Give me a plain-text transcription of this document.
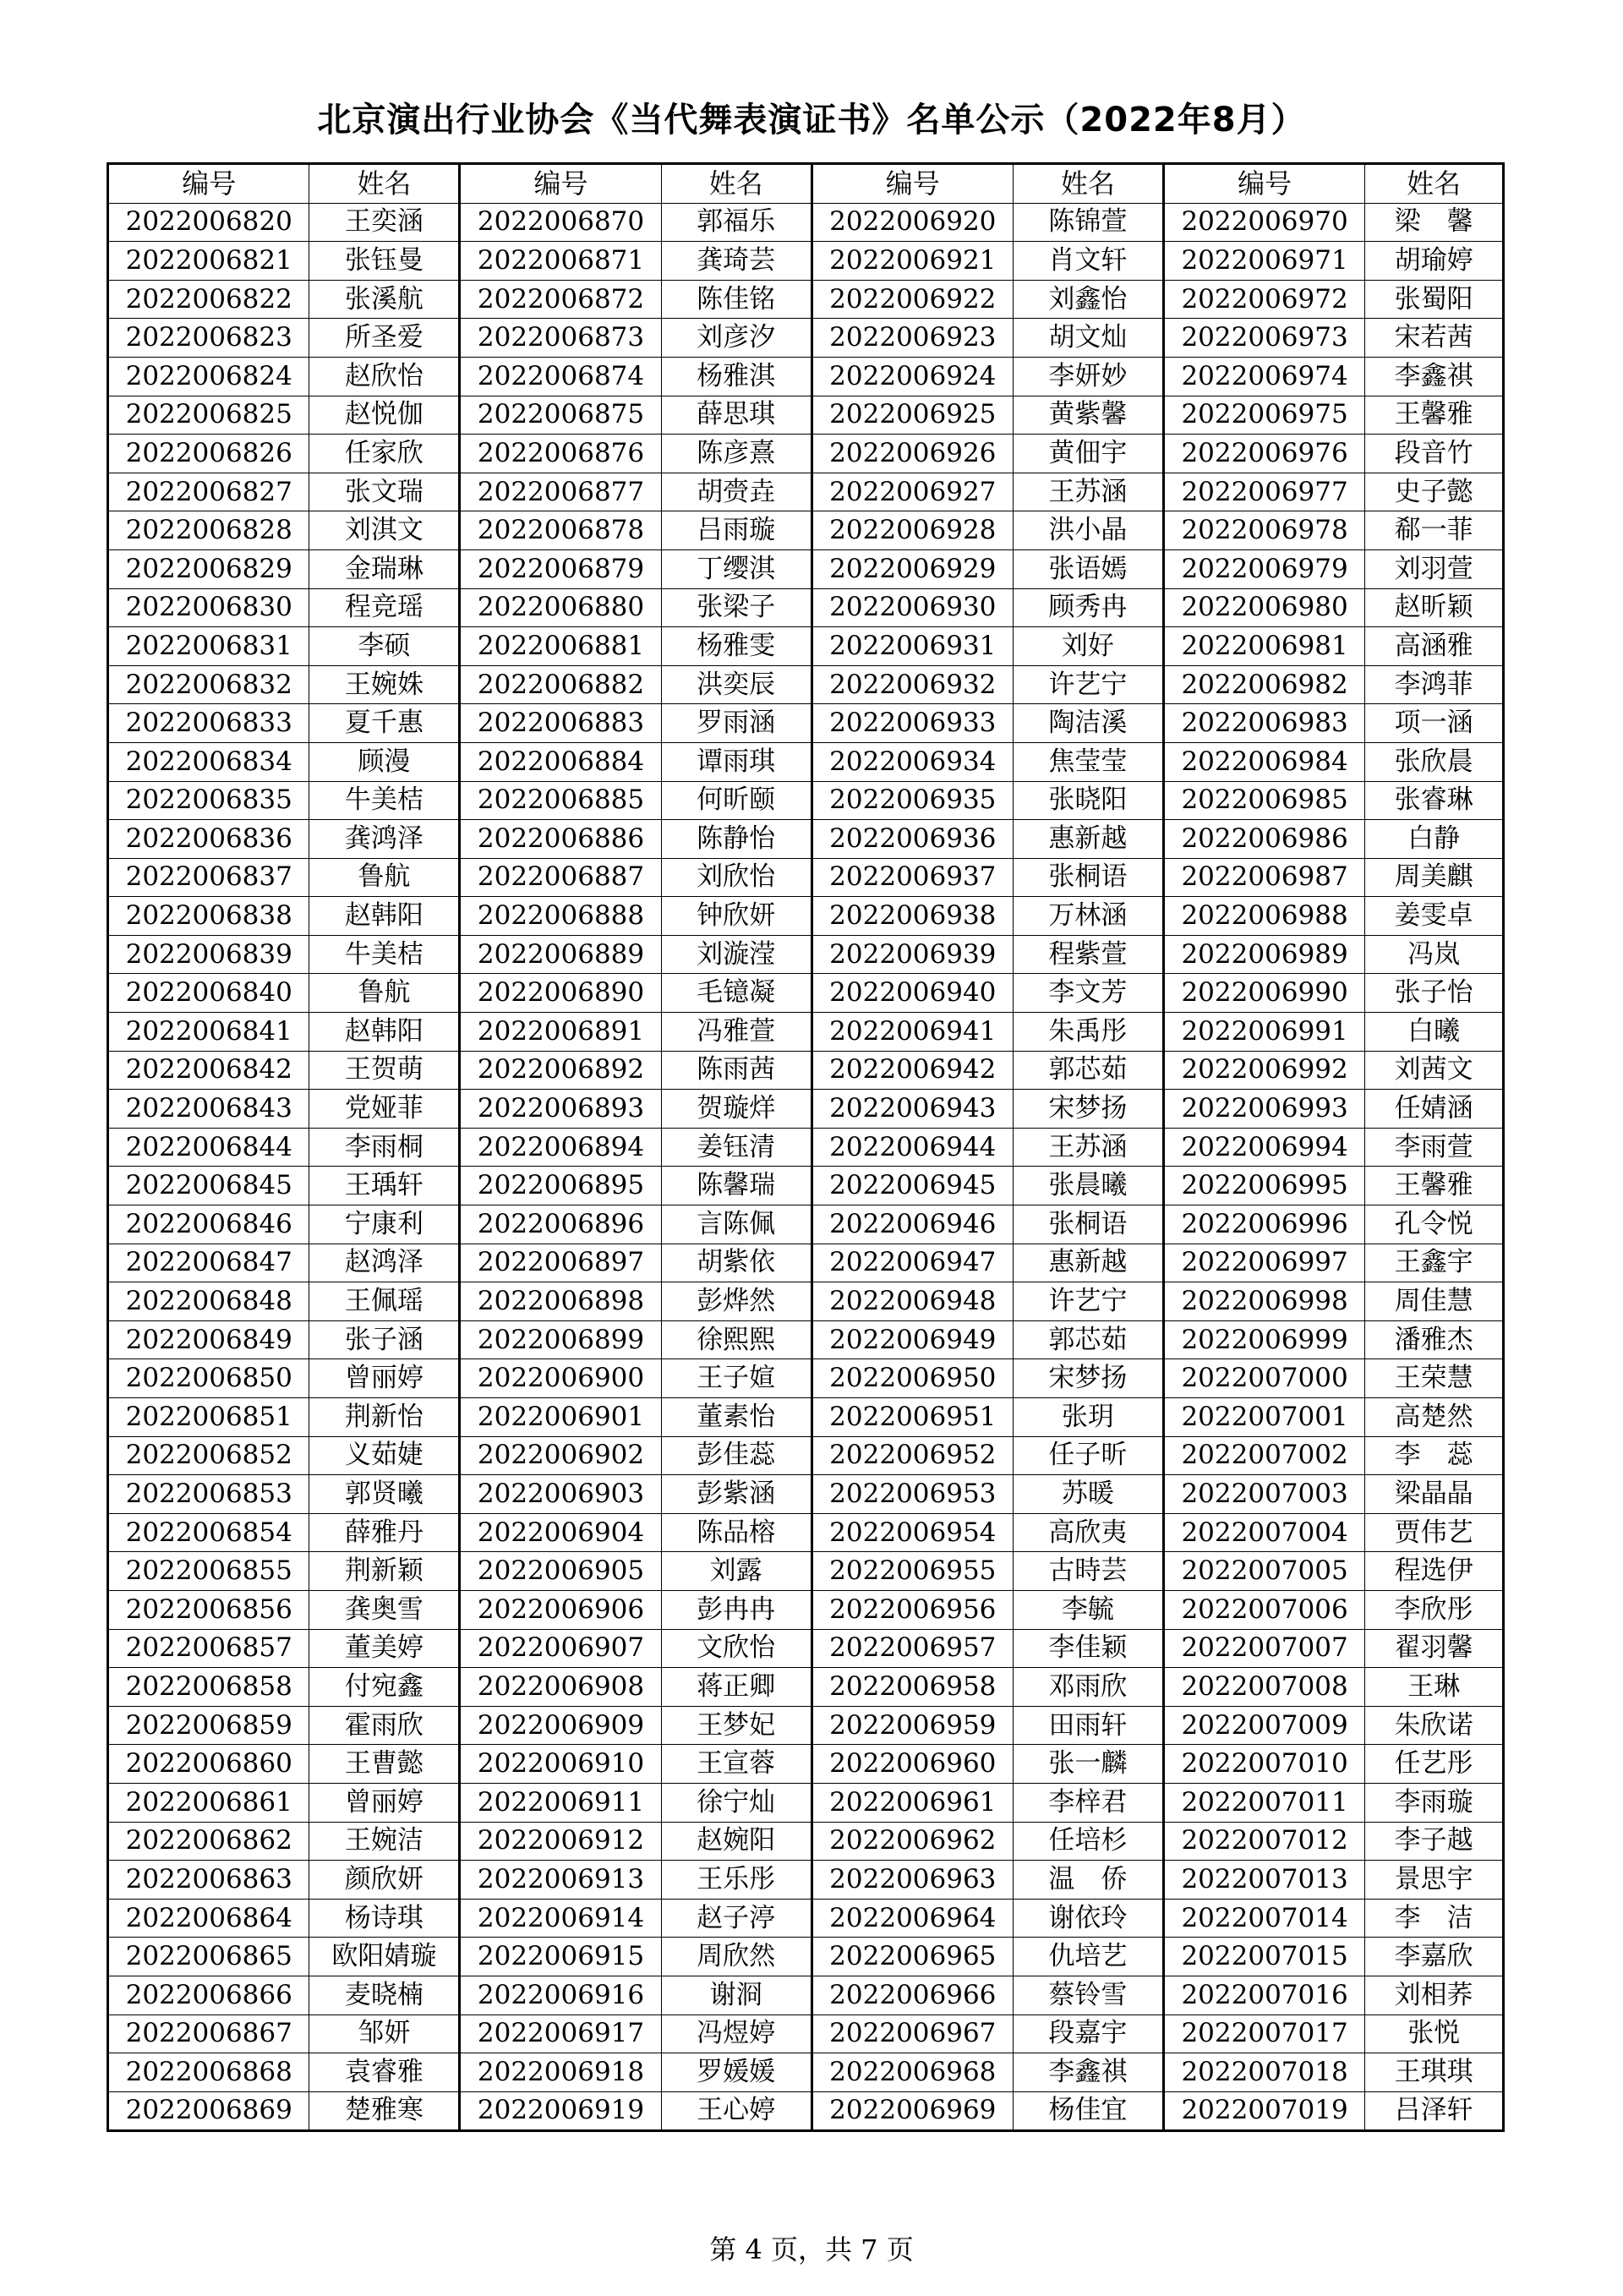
北京演出行业协会《当代舞表演证书》名单公示（2022年8月）
编号	姓名	编号	姓名	编号	姓名	编号	姓名
2022006820	王奕涵	2022006870	郭福乐	2022006920	陈锦萱	2022006970	梁　馨
2022006821	张钰曼	2022006871	龚琦芸	2022006921	肖文轩	2022006971	胡瑜婷
2022006822	张溪航	2022006872	陈佳铭	2022006922	刘鑫怡	2022006972	张蜀阳
2022006823	所圣爱	2022006873	刘彦汐	2022006923	胡文灿	2022006973	宋若茜
2022006824	赵欣怡	2022006874	杨雅淇	2022006924	李妍妙	2022006974	李鑫祺
2022006825	赵悦伽	2022006875	薛思琪	2022006925	黄紫馨	2022006975	王馨雅
2022006826	任家欣	2022006876	陈彦熹	2022006926	黄佃宇	2022006976	段音竹
2022006827	张文瑞	2022006877	胡赍垚	2022006927	王苏涵	2022006977	史子懿
2022006828	刘淇文	2022006878	吕雨璇	2022006928	洪小晶	2022006978	郗一菲
2022006829	金瑞琳	2022006879	丁缨淇	2022006929	张语嫣	2022006979	刘羽萱
2022006830	程竞瑶	2022006880	张梁子	2022006930	顾秀冉	2022006980	赵昕颖
2022006831	李硕	2022006881	杨雅雯	2022006931	刘好	2022006981	高涵雅
2022006832	王婉姝	2022006882	洪奕辰	2022006932	许艺宁	2022006982	李鸿菲
2022006833	夏千惠	2022006883	罗雨涵	2022006933	陶洁溪	2022006983	项一涵
2022006834	顾漫	2022006884	谭雨琪	2022006934	焦莹莹	2022006984	张欣晨
2022006835	牛美桔	2022006885	何昕颐	2022006935	张晓阳	2022006985	张睿琳
2022006836	龚鸿泽	2022006886	陈静怡	2022006936	惠新越	2022006986	白静
2022006837	鲁航	2022006887	刘欣怡	2022006937	张桐语	2022006987	周美麒
2022006838	赵韩阳	2022006888	钟欣妍	2022006938	万林涵	2022006988	姜雯卓
2022006839	牛美桔	2022006889	刘漩滢	2022006939	程紫萱	2022006989	冯岚
2022006840	鲁航	2022006890	毛镱凝	2022006940	李文芳	2022006990	张子怡
2022006841	赵韩阳	2022006891	冯雅萱	2022006941	朱禹彤	2022006991	白曦
2022006842	王贺萌	2022006892	陈雨茜	2022006942	郭芯茹	2022006992	刘茜文
2022006843	党娅菲	2022006893	贺璇烊	2022006943	宋梦扬	2022006993	任婧涵
2022006844	李雨桐	2022006894	姜钰清	2022006944	王苏涵	2022006994	李雨萱
2022006845	王瑀轩	2022006895	陈馨瑞	2022006945	张晨曦	2022006995	王馨雅
2022006846	宁康利	2022006896	言陈佩	2022006946	张桐语	2022006996	孔令悦
2022006847	赵鸿泽	2022006897	胡紫依	2022006947	惠新越	2022006997	王鑫宇
2022006848	王佩瑶	2022006898	彭烨然	2022006948	许艺宁	2022006998	周佳慧
2022006849	张子涵	2022006899	徐熙熙	2022006949	郭芯茹	2022006999	潘雅杰
2022006850	曾丽婷	2022006900	王子媗	2022006950	宋梦扬	2022007000	王荣慧
2022006851	荆新怡	2022006901	董素怡	2022006951	张玥	2022007001	高楚然
2022006852	义茹婕	2022006902	彭佳蕊	2022006952	任子昕	2022007002	李　蕊
2022006853	郭贤曦	2022006903	彭紫涵	2022006953	苏暖	2022007003	梁晶晶
2022006854	薛雅丹	2022006904	陈品榕	2022006954	高欣夷	2022007004	贾伟艺
2022006855	荆新颖	2022006905	刘露	2022006955	古時芸	2022007005	程选伊
2022006856	龚奥雪	2022006906	彭冉冉	2022006956	李毓	2022007006	李欣彤
2022006857	董美婷	2022006907	文欣怡	2022006957	李佳颖	2022007007	翟羽馨
2022006858	付宛鑫	2022006908	蒋正卿	2022006958	邓雨欣	2022007008	王琳
2022006859	霍雨欣	2022006909	王梦妃	2022006959	田雨轩	2022007009	朱欣诺
2022006860	王曹懿	2022006910	王宣蓉	2022006960	张一麟	2022007010	任艺彤
2022006861	曾丽婷	2022006911	徐宁灿	2022006961	李梓君	2022007011	李雨璇
2022006862	王婉洁	2022006912	赵婉阳	2022006962	任培杉	2022007012	李子越
2022006863	颜欣妍	2022006913	王乐彤	2022006963	温　侨	2022007013	景思宇
2022006864	杨诗琪	2022006914	赵子渟	2022006964	谢依玲	2022007014	李　洁
2022006865	欧阳婧璇	2022006915	周欣然	2022006965	仇培艺	2022007015	李嘉欣
2022006866	麦晓楠	2022006916	谢浻	2022006966	蔡铃雪	2022007016	刘相荞
2022006867	邹妍	2022006917	冯煜婷	2022006967	段嘉宇	2022007017	张悦
2022006868	袁睿雅	2022006918	罗媛媛	2022006968	李鑫祺	2022007018	王琪琪
2022006869	楚雅寒	2022006919	王心婷	2022006969	杨佳宜	2022007019	吕泽轩
第 4 页，共 7 页
